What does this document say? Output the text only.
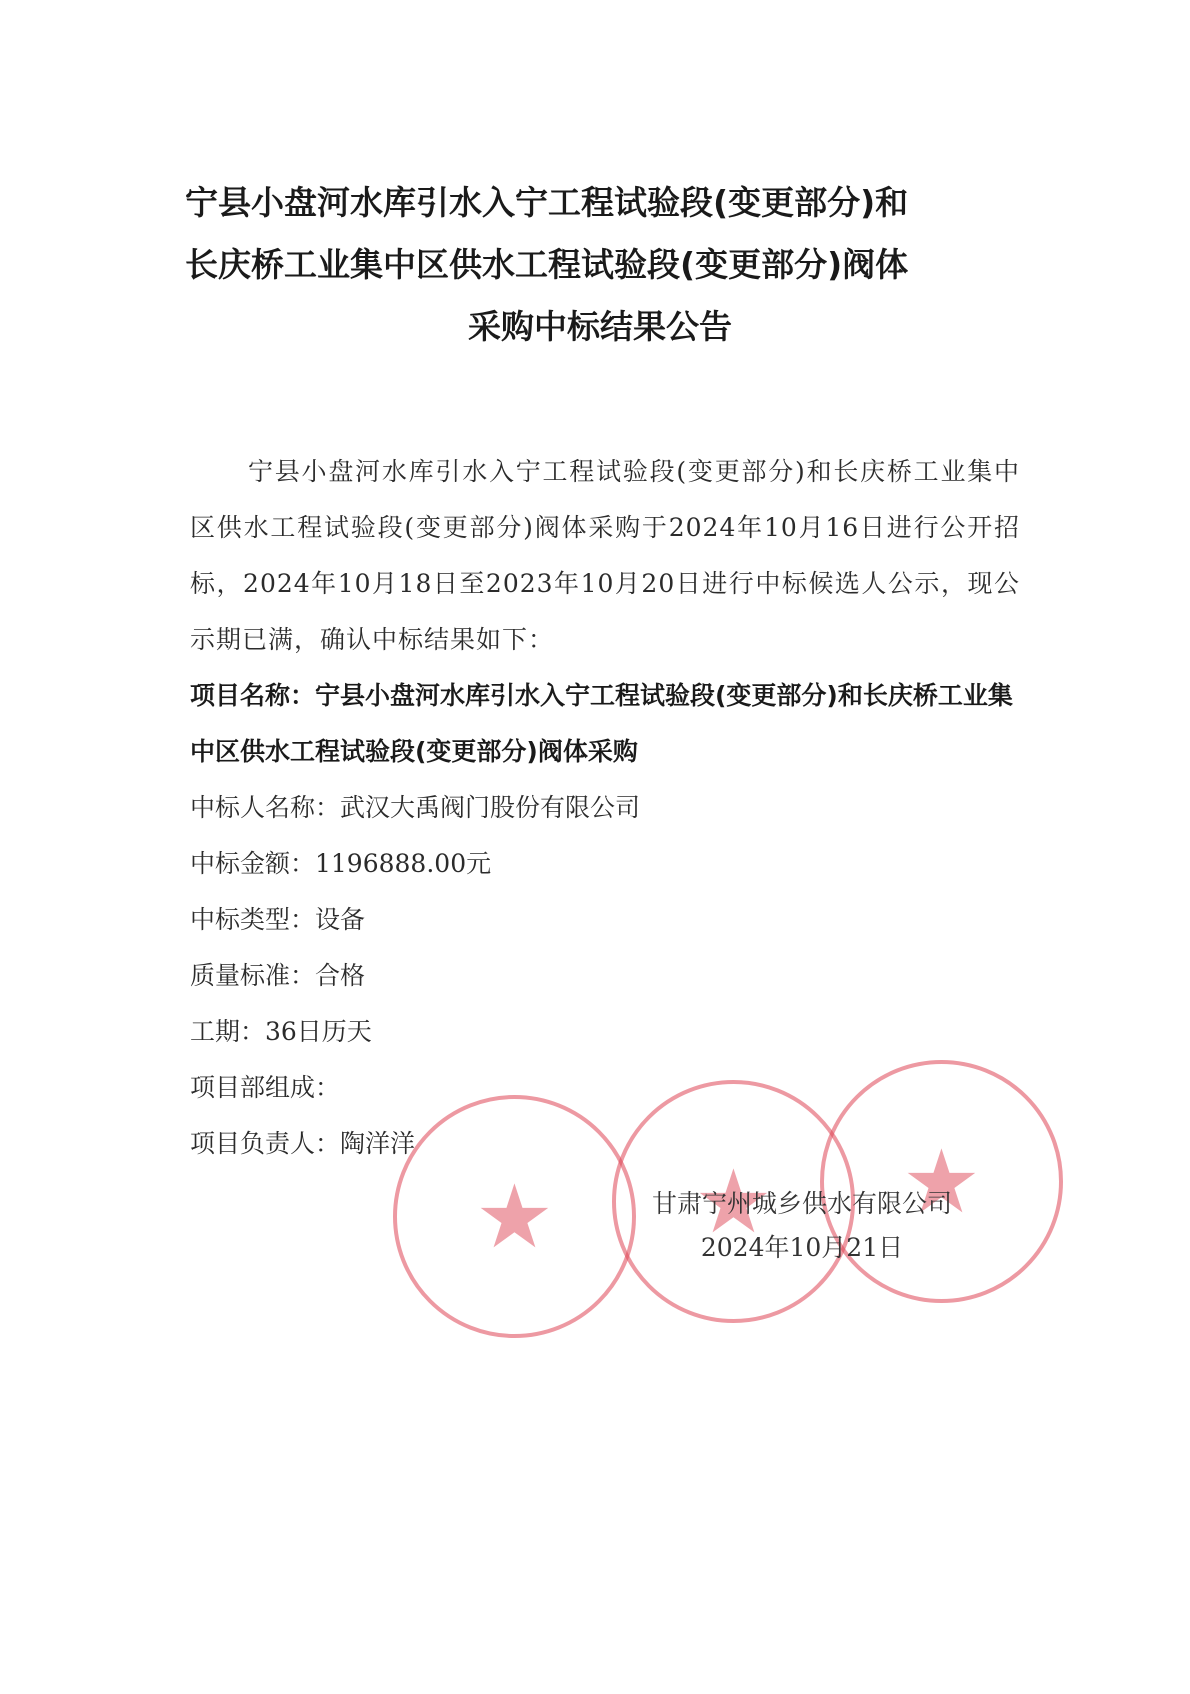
宁县小盘河水库引水入宁工程试验段(变更部分)和
长庆桥工业集中区供水工程试验段(变更部分)阀体
采购中标结果公告
宁县小盘河水库引水入宁工程试验段(变更部分)和长庆桥工业集中区供水工程试验段(变更部分)阀体采购于2024年10月16日进行公开招标，2024年10月18日至2023年10月20日进行中标候选人公示，现公示期已满，确认中标结果如下：
项目名称：宁县小盘河水库引水入宁工程试验段(变更部分)和长庆桥工业集中区供水工程试验段(变更部分)阀体采购
中标人名称：武汉大禹阀门股份有限公司
中标金额：1196888.00元
中标类型：设备
质量标准：合格
工期：36日历天
项目部组成：
项目负责人：陶洋洋
★ ★ ★
甘肃宁州城乡供水有限公司
2024年10月21日
